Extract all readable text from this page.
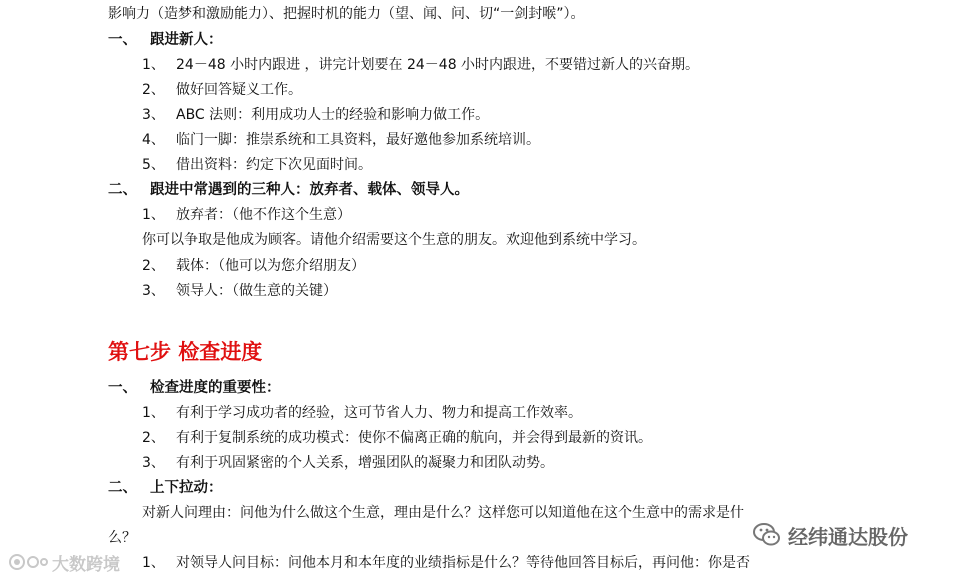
影响力（造梦和激励能力）、把握时机的能力（望、闻、问、切“一剑封喉”）。
一、 跟进新人：
1、 24－48 小时内跟进 ，讲完计划要在 24－48 小时内跟进，不要错过新人的兴奋期。
2、 做好回答疑义工作。
3、 ABC 法则：利用成功人士的经验和影响力做工作。
4、 临门一脚：推崇系统和工具资料，最好邀他参加系统培训。
5、 借出资料：约定下次见面时间。
二、 跟进中常遇到的三种人：放弃者、载体、领导人。
1、 放弃者：（他不作这个生意）
你可以争取是他成为顾客。请他介绍需要这个生意的朋友。欢迎他到系统中学习。
2、 载体：（他可以为您介绍朋友）
3、 领导人：（做生意的关键）
第七步 检查进度
一、 检查进度的重要性：
1、 有利于学习成功者的经验，这可节省人力、物力和提高工作效率。
2、 有利于复制系统的成功模式：使你不偏离正确的航向，并会得到最新的资讯。
3、 有利于巩固紧密的个人关系，增强团队的凝聚力和团队动势。
二、 上下拉动：
对新人问理由：问他为什么做这个生意，理由是什么？这样您可以知道他在这个生意中的需求是什
么？
1、 对领导人问目标：问他本月和本年度的业绩指标是什么？等待他回答目标后，再问他：你是否
大数跨境
经纬通达股份
